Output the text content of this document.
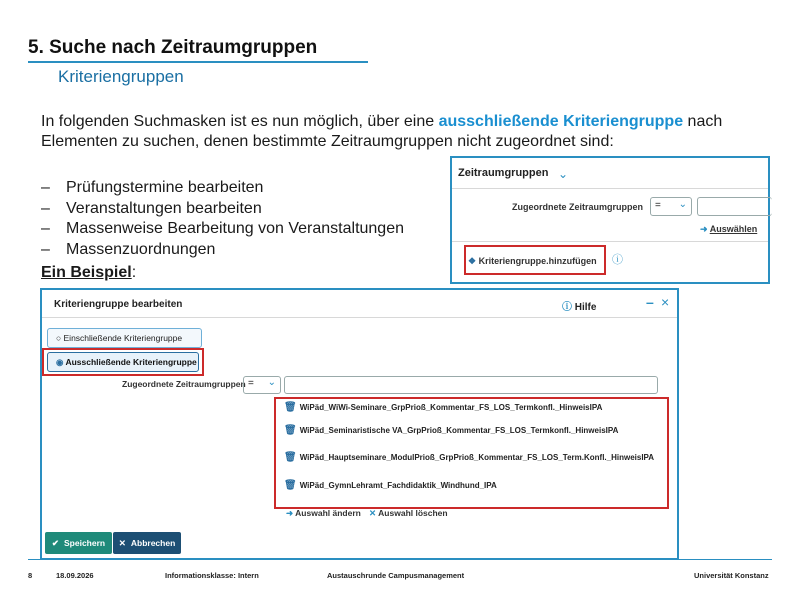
5. Suche nach Zeitraumgruppen
Kriteriengruppen
In folgenden Suchmasken ist es nun möglich, über eine ausschließende Kriteriengruppe nach Elementen zu suchen, denen bestimmte Zeitraumgruppen nicht zugeordnet sind:
–	Prüfungstermine bearbeiten
–	Veranstaltungen bearbeiten
–	Massenweise Bearbeitung von Veranstaltungen
–	Massenzuordnungen
Ein Beispiel:
Zeitraumgruppen ⌄
Zugeordnete Zeitraumgruppen	= ⌄
➜ Auswählen
❖ Kriteriengruppe.hinzufügen ⓘ
Kriteriengruppe bearbeiten	ⓘ Hilfe	– ×
○ Einschließende Kriteriengruppe
◉ Ausschließende Kriteriengruppe
Zugeordnete Zeitraumgruppen = ⌄
🗑 WiPäd_WiWi-Seminare_GrpPrioß_Kommentar_FS_LOS_Termkonfl._HinweisIPA
🗑 WiPäd_Seminaristische VA_GrpPrioß_Kommentar_FS_LOS_Termkonfl._HinweisIPA
🗑 WiPäd_Hauptseminare_ModulPrioß_GrpPrioß_Kommentar_FS_LOS_Term.Konfl._HinweisIPA
🗑 WiPäd_GymnLehramt_Fachdidaktik_Windhund_IPA
➜ Auswahl ändern ✕ Auswahl löschen
✔ Speichern ✕ Abbrechen
8	18.09.2026	Informationsklasse: Intern	Austauschrunde Campusmanagement	Universität Konstanz
